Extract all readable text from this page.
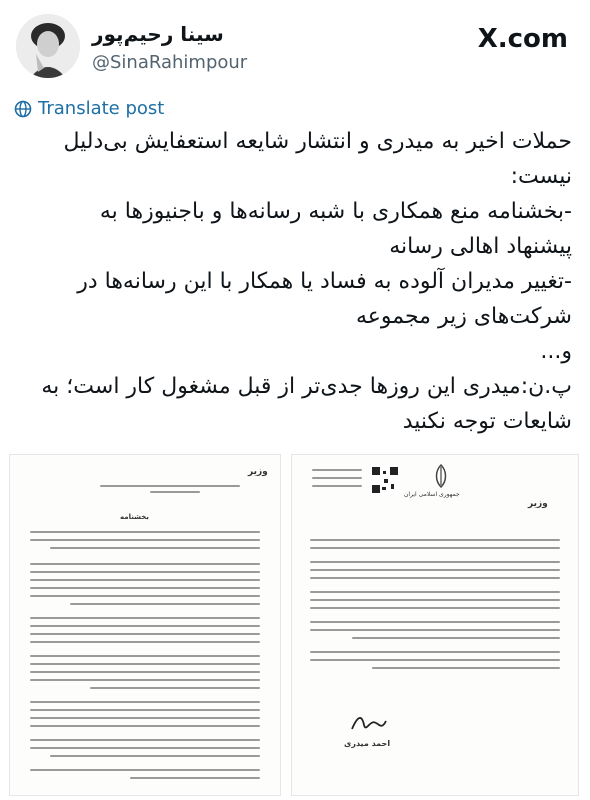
سینا رحیم‌پور
@SinaRahimpour
X.com
Translate post
حملات اخیر به میدری و انتشار شایعه استعفایش بی‌دلیل
نیست:
-بخشنامه منع همکاری با شبه رسانه‌ها و باجنیوزها به
پیشنهاد اهالی رسانه
-تغییر مدیران آلوده به فساد یا همکار با این رسانه‌ها در
شرکت‌های زیر مجموعه
و...
پ.ن:میدری این روزها جدی‌تر از قبل مشغول کار است؛ به
شایعات توجه نکنید
وزیر
بخشنامه
جمهوری اسلامی ایران
وزیر
احمد میدری
